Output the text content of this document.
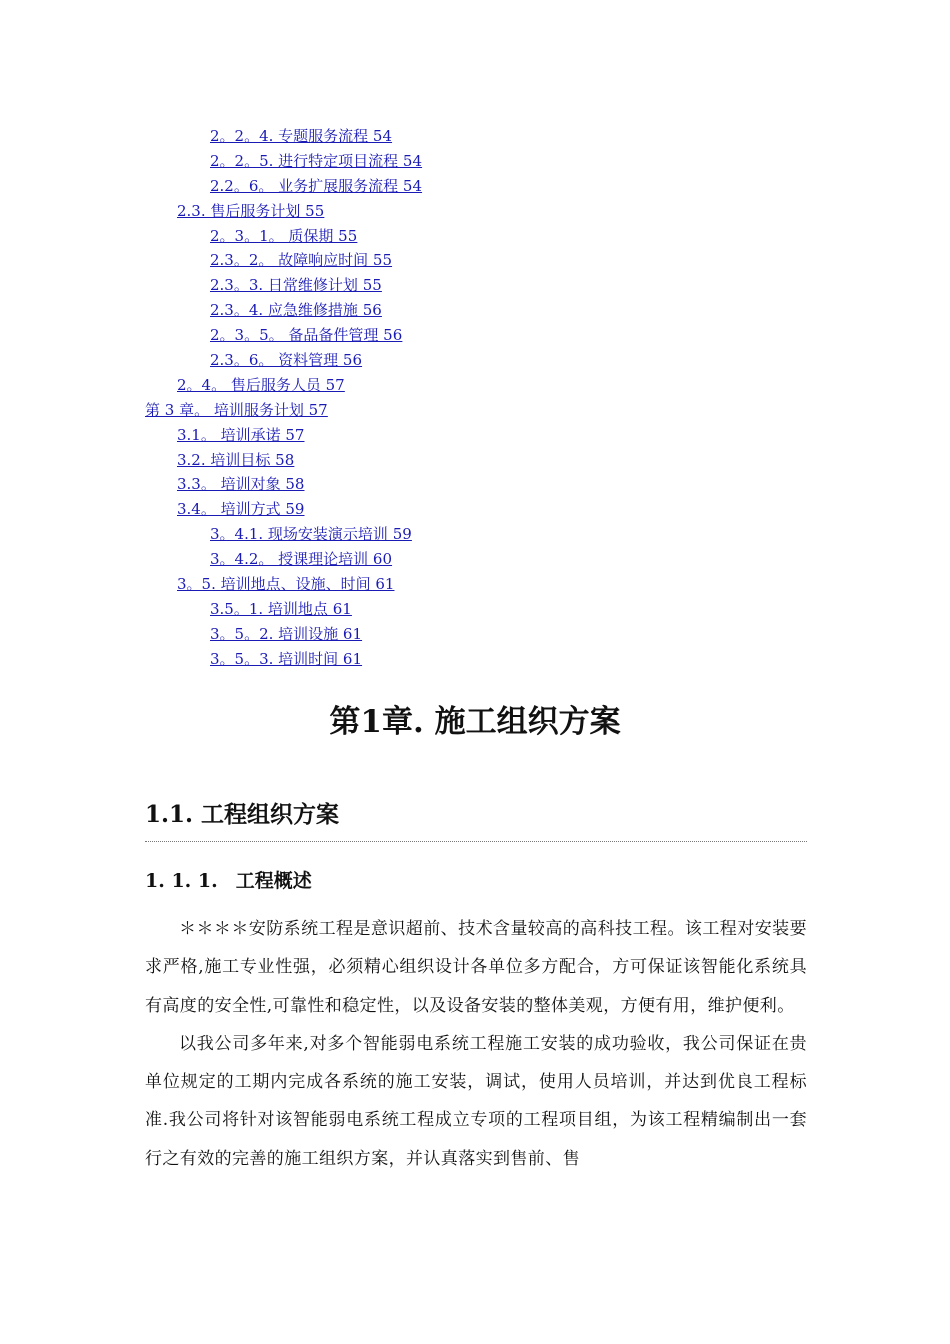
2。2。4. 专题服务流程 54
2。2。5. 进行特定项目流程 54
2.2。6。 业务扩展服务流程 54
2.3. 售后服务计划 55
2。3。1。 质保期 55
2.3。2。 故障响应时间 55
2.3。3. 日常维修计划 55
2.3。4. 应急维修措施 56
2。3。5。 备品备件管理 56
2.3。6。 资料管理 56
2。4。 售后服务人员 57
第 3 章。 培训服务计划 57
3.1。 培训承诺 57
3.2. 培训目标 58
3.3。 培训对象 58
3.4。 培训方式 59
3。4.1. 现场安装演示培训 59
3。4.2。 授课理论培训 60
3。5. 培训地点、设施、时间 61
3.5。1. 培训地点 61
3。5。2. 培训设施 61
3。5。3. 培训时间 61
第1章. 施工组织方案
1.1. 工程组织方案
1. 1. 1. 工程概述

＊＊＊＊安防系统工程是意识超前、技术含量较高的高科技工程。该工程对安装要求严格,施工专业性强，必须精心组织设计各单位多方配合，方可保证该智能化系统具有高度的安全性,可靠性和稳定性，以及设备安装的整体美观，方便有用，维护便利。

以我公司多年来,对多个智能弱电系统工程施工安装的成功验收，我公司保证在贵单位规定的工期内完成各系统的施工安装，调试，使用人员培训，并达到优良工程标准.我公司将针对该智能弱电系统工程成立专项的工程项目组，为该工程精编制出一套行之有效的完善的施工组织方案，并认真落实到售前、售
